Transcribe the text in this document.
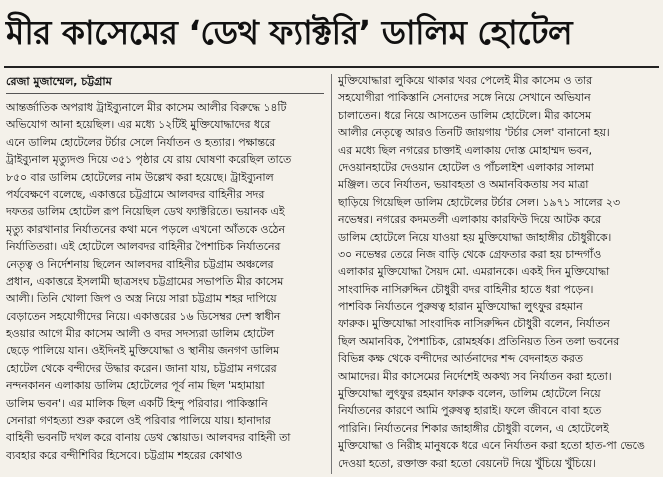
মীর কাসেমের ‘ডেথ ফ্যাক্টরি’ ডালিম হোটেল
রেজা মুজাম্মেল, চট্টগ্রাম
আন্তর্জাতিক অপরাধ ট্রাইব্যুনালে মীর কাসেম আলীর বিরুদ্ধে ১৪টি
অভিযোগ আনা হয়েছিল। এর মধ্যে ১২টিই মুক্তিযোদ্ধাদের ধরে
এনে ডালিম হোটেলের টর্চার সেলে নির্যাতন ও হত্যার। পক্ষান্তরে
ট্রাইব্যুনাল মৃত্যুদণ্ড দিয়ে ৩৫১ পৃষ্ঠার যে রায় ঘোষণা করেছিল তাতে
৮৫০ বার ডালিম হোটেলের নাম উল্লেখ করা হয়েছে। ট্রাইব্যুনাল
পর্যবেক্ষণে বলেছে, একাত্তরে চট্টগ্রামে আলবদর বাহিনীর সদর
দফতর ডালিম হোটেল রূপ নিয়েছিল ডেথ ফ্যাক্টরিতে। ভয়ানক এই
মৃত্যু কারখানার নির্যাতনের কথা মনে পড়লে এখনো আঁতকে ওঠেন
নির্যাতিতরা। এই হোটেলে আলবদর বাহিনীর পৈশাচিক নির্যাতনের
নেতৃত্ব ও নির্দেশনায় ছিলেন আলবদর বাহিনীর চট্টগ্রাম অঞ্চলের
প্রধান, একাত্তরে ইসলামী ছাত্রসংঘ চট্টগ্রামের সভাপতি মীর কাসেম
আলী। তিনি খোলা জিপ ও অস্ত্র নিয়ে সারা চট্টগ্রাম শহর দাপিয়ে
বেড়াতেন সহযোগীদের নিয়ে। একাত্তরের ১৬ ডিসেম্বর দেশ স্বাধীন
হওয়ার আগে মীর কাসেম আলী ও বদর সদস্যরা ডালিম হোটেল
ছেড়ে পালিয়ে যান। ওইদিনই মুক্তিযোদ্ধা ও স্থানীয় জনগণ ডালিম
হোটেল থেকে বন্দীদের উদ্ধার করেন। জানা যায়, চট্টগ্রাম নগরের
নন্দনকানন এলাকায় ডালিম হোটেলের পূর্ব নাম ছিল 'মহামায়া
ডালিম ভবন'। এর মালিক ছিল একটি হিন্দু পরিবার। পাকিস্তানি
সেনারা গণহত্যা শুরু করলে ওই পরিবার পালিয়ে যায়। হানাদার
বাহিনী ভবনটি দখল করে বানায় ডেথ স্কোয়াড। আলবদর বাহিনী তা
ব্যবহার করে বন্দীশিবির হিসেবে। চট্টগ্রাম শহরের কোথাও
মুক্তিযোদ্ধারা লুকিয়ে থাকার খবর পেলেই মীর কাসেম ও তার
সহযোগীরা পাকিস্তানি সেনাদের সঙ্গে নিয়ে সেখানে অভিযান
চালাতেন। ধরে নিয়ে আসতেন ডালিম হোটেলে। মীর কাসেম
আলীর নেতৃত্বে আরও তিনটি জায়গায় 'টর্চার সেল' বানানো হয়।
এর মধ্যে ছিল নগরের চাক্তাই এলাকায় দোস্ত মোহাম্মদ ভবন,
দেওয়ানহাটের দেওয়ান হোটেল ও পাঁচলাইশ এলাকার সালমা
মঞ্জিল। তবে নির্যাতন, ভয়াবহতা ও অমানবিকতায় সব মাত্রা
ছাড়িয়ে গিয়েছিল ডালিম হোটেলের টর্চার সেল। ১৯৭১ সালের ২৩
নভেম্বর। নগরের কদমতলী এলাকায় কারফিউ দিয়ে আটক করে
ডালিম হোটেলে নিয়ে যাওয়া হয় মুক্তিযোদ্ধা জাহাঙ্গীর চৌধুরীকে।
৩০ নভেম্বর তেরে নিজ বাড়ি থেকে গ্রেফতার করা হয় চান্দগাঁও
এলাকার মুক্তিযোদ্ধা সৈয়দ মো. এমরানকে। একই দিন মুক্তিযোদ্ধা
সাংবাদিক নাসিরুদ্দিন চৌধুরী বদর বাহিনীর হাতে ধরা পড়েন।
পাশবিক নির্যাতনে পুরুষত্ব হারান মুক্তিযোদ্ধা লুৎফুর রহমান
ফারুক। মুক্তিযোদ্ধা সাংবাদিক নাসিরুদ্দিন চৌধুরী বলেন, নির্যাতন
ছিল অমানবিক, পৈশাচিক, রোমহর্ষক। প্রতিনিয়ত তিন তলা ভবনের
বিভিন্ন কক্ষ থেকে বন্দীদের আর্তনাদের শব্দ বেদনাহত করত
আমাদের। মীর কাসেমের নির্দেশেই অকথ্য সব নির্যাতন করা হতো।
মুক্তিযোদ্ধা লুৎফুর রহমান ফারুক বলেন, ডালিম হোটেলে নিয়ে
নির্যাতনের কারণে আমি পুরুষত্ব হারাই। ফলে জীবনে বাবা হতে
পারিনি। নির্যাতনের শিকার জাহাঙ্গীর চৌধুরী বলেন, এ হোটেলেই
মুক্তিযোদ্ধা ও নিরীহ মানুষকে ধরে এনে নির্যাতন করা হতো হাত-পা ভেঙে
দেওয়া হতো, রক্তাক্ত করা হতো বেয়নেট দিয়ে খুঁচিয়ে খুঁচিয়ে।
